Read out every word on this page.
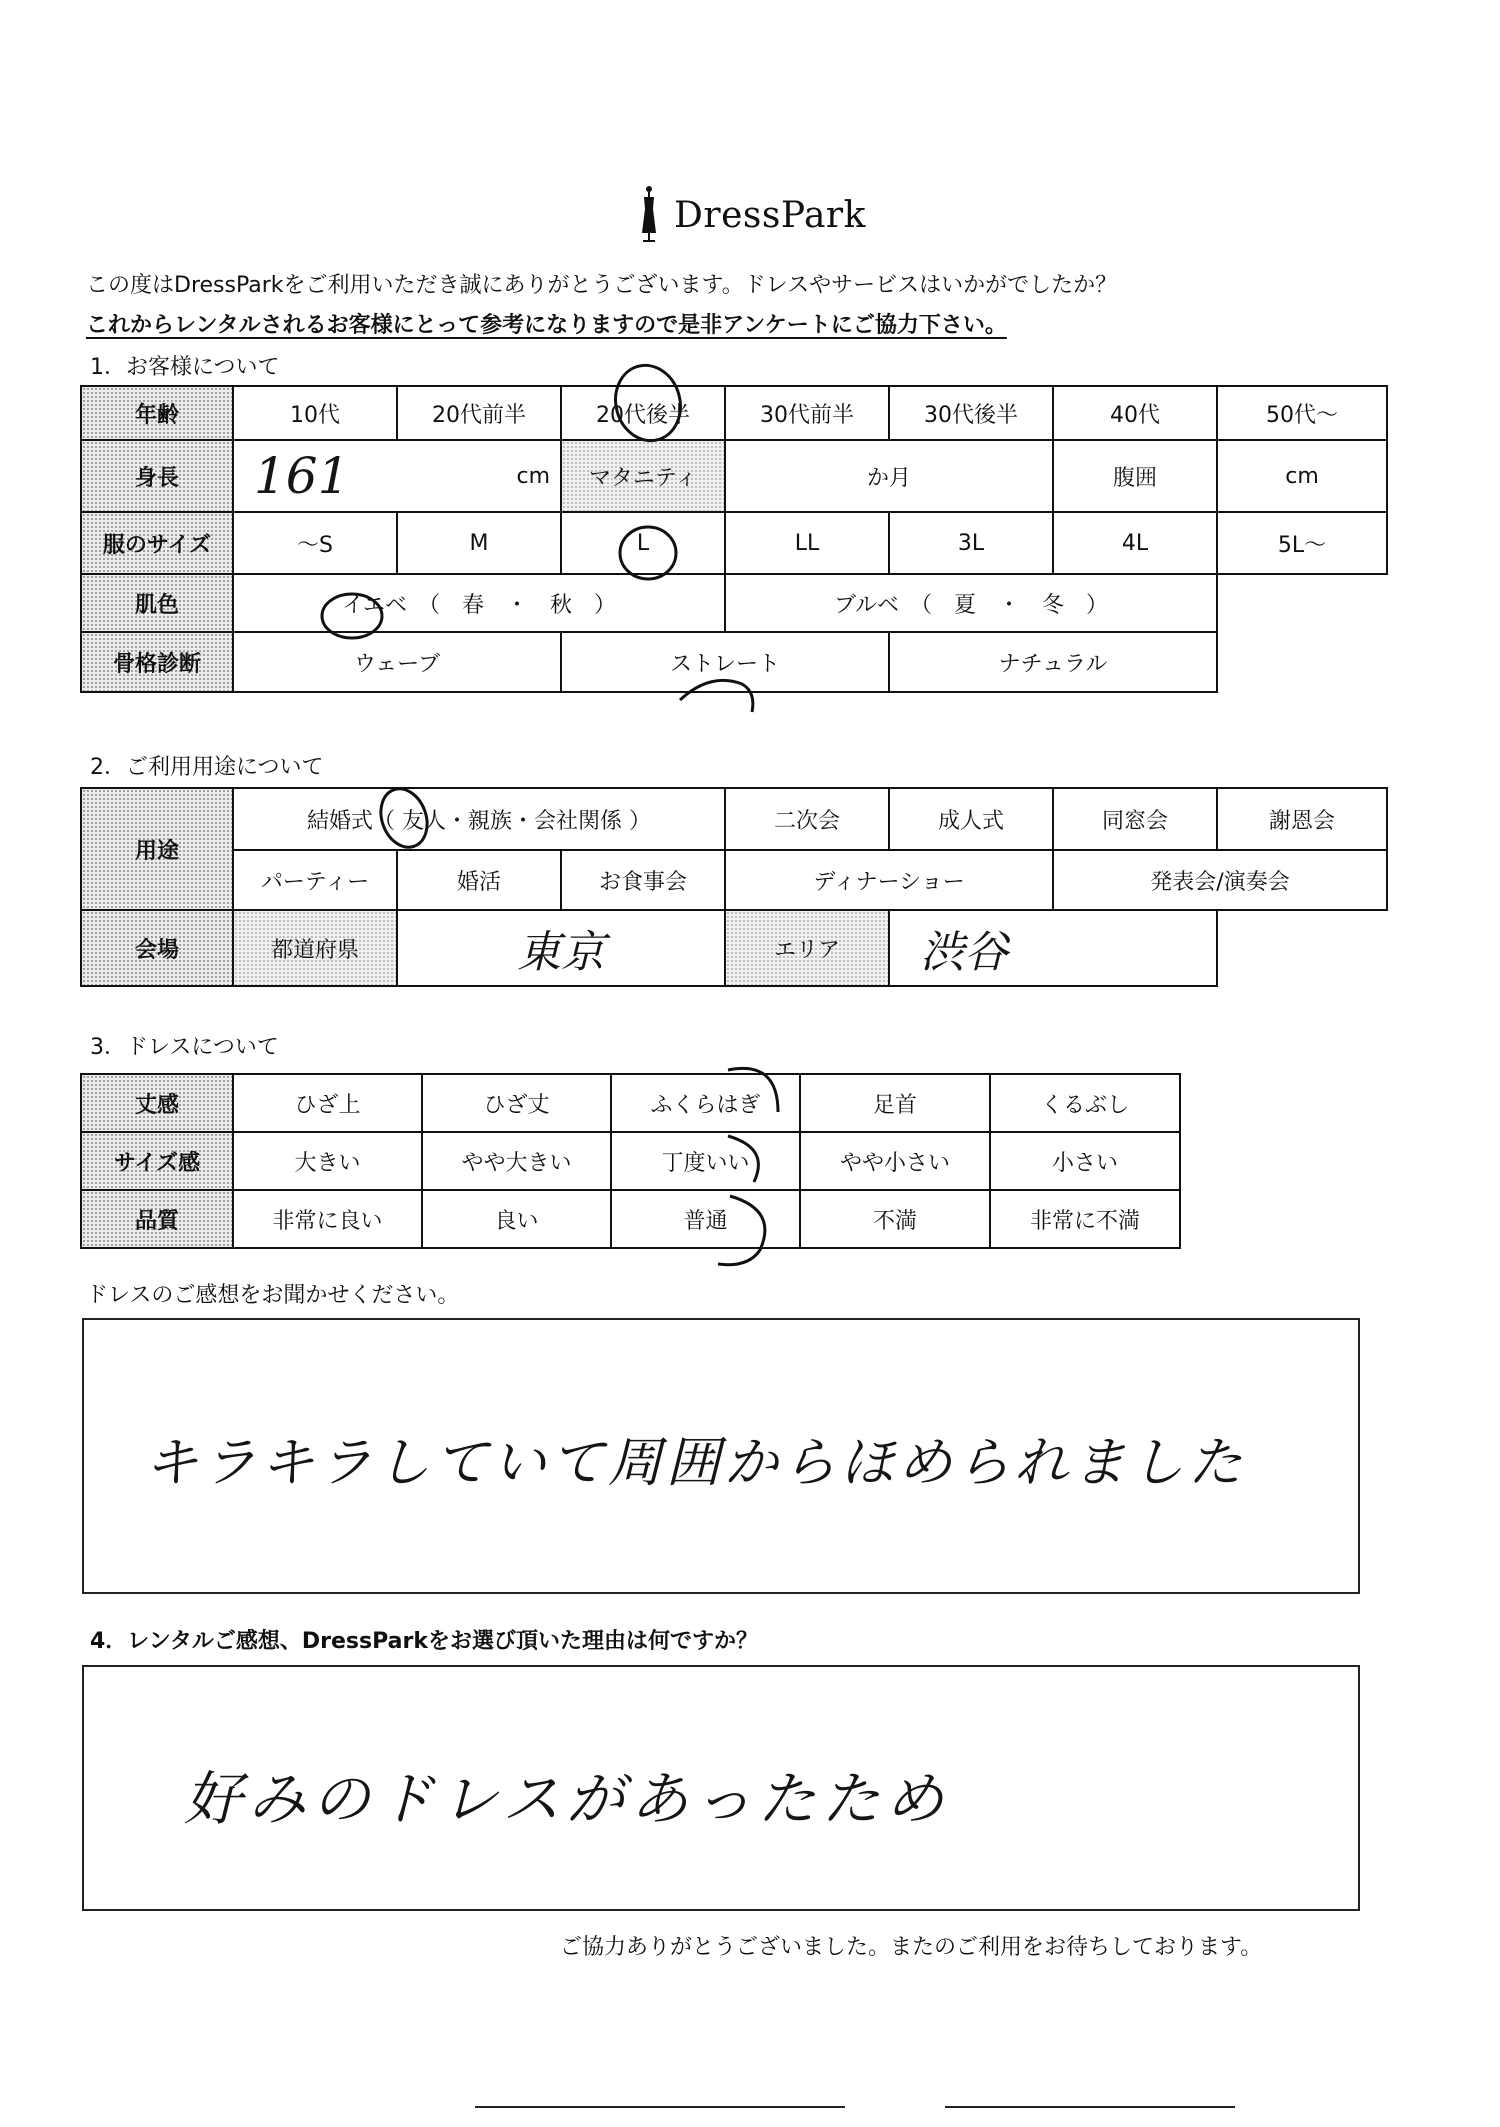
DressPark
この度はDressParkをご利用いただき誠にありがとうございます。ドレスやサービスはいかがでしたか？
これからレンタルされるお客様にとって参考になりますので是非アンケートにご協力下さい。
1．お客様について
年齢	10代	20代前半	20代後半	30代前半	30代後半	40代	50代～
身長	161 cm		マタニティ	か月		腹囲	cm
服のサイズ	～S	M	L	LL	3L	4L	5L～
肌色	イエベ　（　春　・　秋　）			ブルベ　（　夏　・　冬　）			
骨格診断	ウェーブ		ストレート		ナチュラル		
2．ご利用用途について
用途	結婚式（ 友人・親族・会社関係 ）			二次会	成人式	同窓会	謝恩会
	パーティー	婚活	お食事会	ディナーショー		発表会/演奏会	
会場	都道府県	東京		エリア	渋谷		
3．ドレスについて
丈感	ひざ上	ひざ丈	ふくらはぎ	足首	くるぶし
サイズ感	大きい	やや大きい	丁度いい	やや小さい	小さい
品質	非常に良い	良い	普通	不満	非常に不満
ドレスのご感想をお聞かせください。
キラキラしていて周囲からほめられました
4．レンタルご感想、DressParkをお選び頂いた理由は何ですか？
好みのドレスがあったため
ご協力ありがとうございました。またのご利用をお待ちしております。
